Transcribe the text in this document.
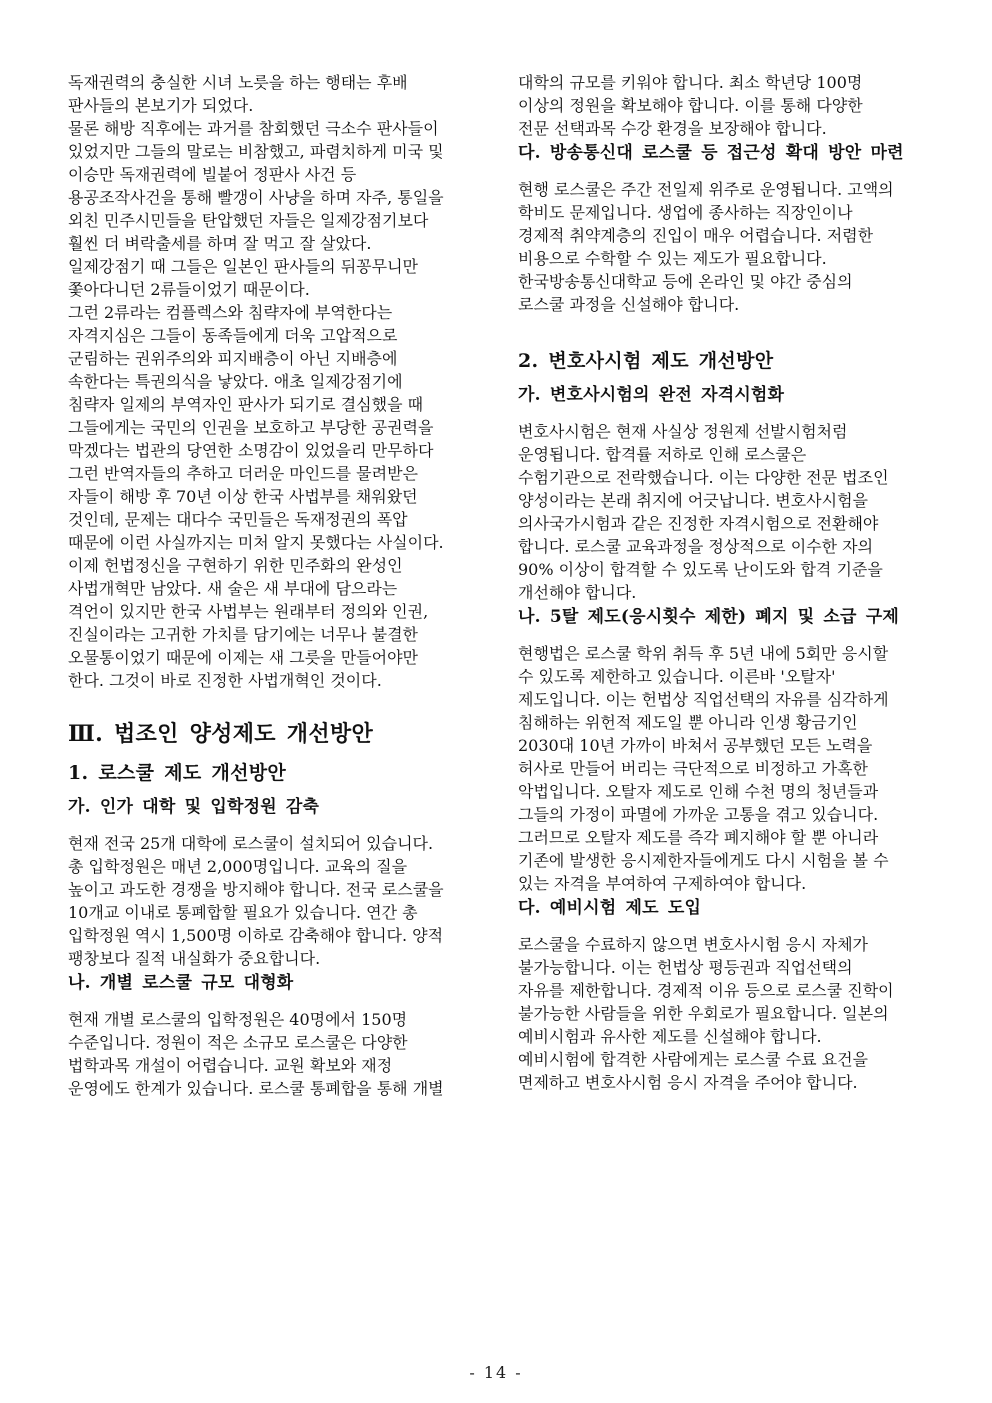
독재권력의 충실한 시녀 노릇을 하는 행태는 후배
판사들의 본보기가 되었다.
물론 해방 직후에는 과거를 참회했던 극소수 판사들이
있었지만 그들의 말로는 비참했고, 파렴치하게 미국 및
이승만 독재권력에 빌붙어 정판사 사건 등
용공조작사건을 통해 빨갱이 사냥을 하며 자주, 통일을
외친 민주시민들을 탄압했던 자들은 일제강점기보다
훨씬 더 벼락출세를 하며 잘 먹고 잘 살았다.
일제강점기 때 그들은 일본인 판사들의 뒤꽁무니만
쫓아다니던 2류들이었기 때문이다.
그런 2류라는 컴플렉스와 침략자에 부역한다는
자격지심은 그들이 동족들에게 더욱 고압적으로
군림하는 권위주의와 피지배층이 아닌 지배층에
속한다는 특권의식을 낳았다. 애초 일제강점기에
침략자 일제의 부역자인 판사가 되기로 결심했을 때
그들에게는 국민의 인권을 보호하고 부당한 공권력을
막겠다는 법관의 당연한 소명감이 있었을리 만무하다
그런 반역자들의 추하고 더러운 마인드를 물려받은
자들이 해방 후 70년 이상 한국 사법부를 채워왔던
것인데, 문제는 대다수 국민들은 독재정권의 폭압
때문에 이런 사실까지는 미처 알지 못했다는 사실이다.
이제 헌법정신을 구현하기 위한 민주화의 완성인
사법개혁만 남았다. 새 술은 새 부대에 담으라는
격언이 있지만 한국 사법부는 원래부터 정의와 인권,
진실이라는 고귀한 가치를 담기에는 너무나 불결한
오물통이었기 때문에 이제는 새 그릇을 만들어야만
한다. 그것이 바로 진정한 사법개혁인 것이다.
Ⅲ. 법조인 양성제도 개선방안
1. 로스쿨 제도 개선방안
가. 인가 대학 및 입학정원 감축
현재 전국 25개 대학에 로스쿨이 설치되어 있습니다.
총 입학정원은 매년 2,000명입니다. 교육의 질을
높이고 과도한 경쟁을 방지해야 합니다. 전국 로스쿨을
10개교 이내로 통폐합할 필요가 있습니다. 연간 총
입학정원 역시 1,500명 이하로 감축해야 합니다. 양적
팽창보다 질적 내실화가 중요합니다.
나. 개별 로스쿨 규모 대형화
현재 개별 로스쿨의 입학정원은 40명에서 150명
수준입니다. 정원이 적은 소규모 로스쿨은 다양한
법학과목 개설이 어렵습니다. 교원 확보와 재정
운영에도 한계가 있습니다. 로스쿨 통폐합을 통해 개별
대학의 규모를 키워야 합니다. 최소 학년당 100명
이상의 정원을 확보해야 합니다. 이를 통해 다양한
전문 선택과목 수강 환경을 보장해야 합니다.
다. 방송통신대 로스쿨 등 접근성 확대 방안 마련
현행 로스쿨은 주간 전일제 위주로 운영됩니다. 고액의
학비도 문제입니다. 생업에 종사하는 직장인이나
경제적 취약계층의 진입이 매우 어렵습니다. 저렴한
비용으로 수학할 수 있는 제도가 필요합니다.
한국방송통신대학교 등에 온라인 및 야간 중심의
로스쿨 과정을 신설해야 합니다.
2. 변호사시험 제도 개선방안
가. 변호사시험의 완전 자격시험화
변호사시험은 현재 사실상 정원제 선발시험처럼
운영됩니다. 합격률 저하로 인해 로스쿨은
수험기관으로 전락했습니다. 이는 다양한 전문 법조인
양성이라는 본래 취지에 어긋납니다. 변호사시험을
의사국가시험과 같은 진정한 자격시험으로 전환해야
합니다. 로스쿨 교육과정을 정상적으로 이수한 자의
90% 이상이 합격할 수 있도록 난이도와 합격 기준을
개선해야 합니다.
나. 5탈 제도(응시횟수 제한) 폐지 및 소급 구제
현행법은 로스쿨 학위 취득 후 5년 내에 5회만 응시할
수 있도록 제한하고 있습니다. 이른바 '오탈자'
제도입니다. 이는 헌법상 직업선택의 자유를 심각하게
침해하는 위헌적 제도일 뿐 아니라 인생 황금기인
2030대 10년 가까이 바쳐서 공부했던 모든 노력을
허사로 만들어 버리는 극단적으로 비정하고 가혹한
악법입니다. 오탈자 제도로 인해 수천 명의 청년들과
그들의 가정이 파멸에 가까운 고통을 겪고 있습니다.
그러므로 오탈자 제도를 즉각 폐지해야 할 뿐 아니라
기존에 발생한 응시제한자들에게도 다시 시험을 볼 수
있는 자격을 부여하여 구제하여야 합니다.
다. 예비시험 제도 도입
로스쿨을 수료하지 않으면 변호사시험 응시 자체가
불가능합니다. 이는 헌법상 평등권과 직업선택의
자유를 제한합니다. 경제적 이유 등으로 로스쿨 진학이
불가능한 사람들을 위한 우회로가 필요합니다. 일본의
예비시험과 유사한 제도를 신설해야 합니다.
예비시험에 합격한 사람에게는 로스쿨 수료 요건을
면제하고 변호사시험 응시 자격을 주어야 합니다.
- 14 -
